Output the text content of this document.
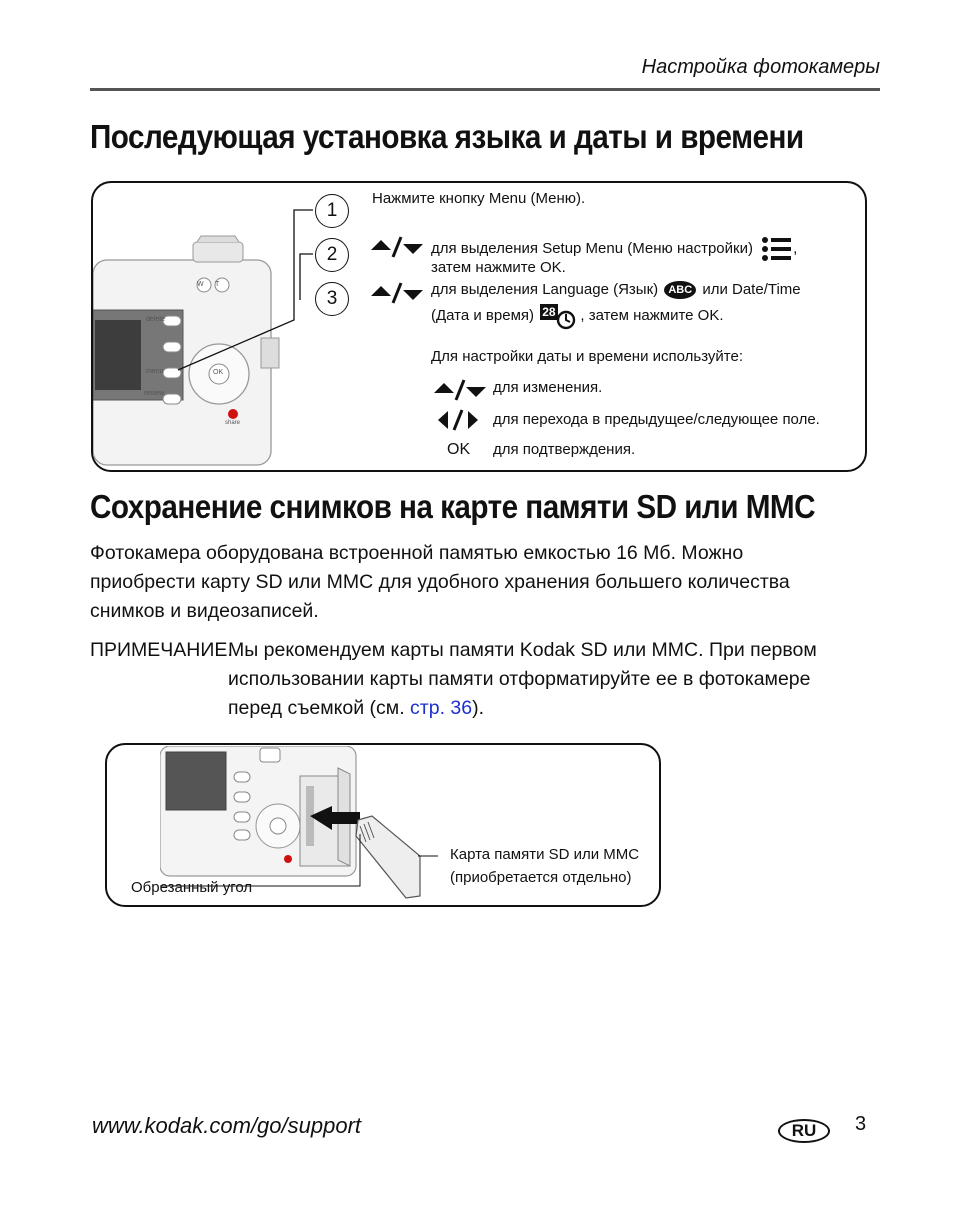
Настройка фотокамеры
Последующая установка языка и даты и времени
delete
menu
review
OK
share
W T
1
2
3
Нажмите кнопку Menu (Меню).
для выделения Setup Menu (Меню настройки)	,
затем нажмите OK.
для выделения Language (Язык) ABC или Date/Time
(Дата и время) 28 , затем нажмите OK.
Для настройки даты и времени используйте:
для изменения.
для перехода в предыдущее/следующее поле.
OK для подтверждения.
Сохранение снимков на карте памяти SD или MMC
Фотокамера оборудована встроенной памятью емкостью 16 Мб. Можно приобрести карту SD или MMC для удобного хранения большего количества снимков и видеозаписей.
ПРИМЕЧАНИЕ.
Мы рекомендуем карты памяти Kodak SD или MMC. При первом использовании карты памяти отформатируйте ее в фотокамере перед съемкой (см. стр. 36).
Обрезанный угол
Карта памяти SD или MMC
(приобретается отдельно)
www.kodak.com/go/support	RU	3
